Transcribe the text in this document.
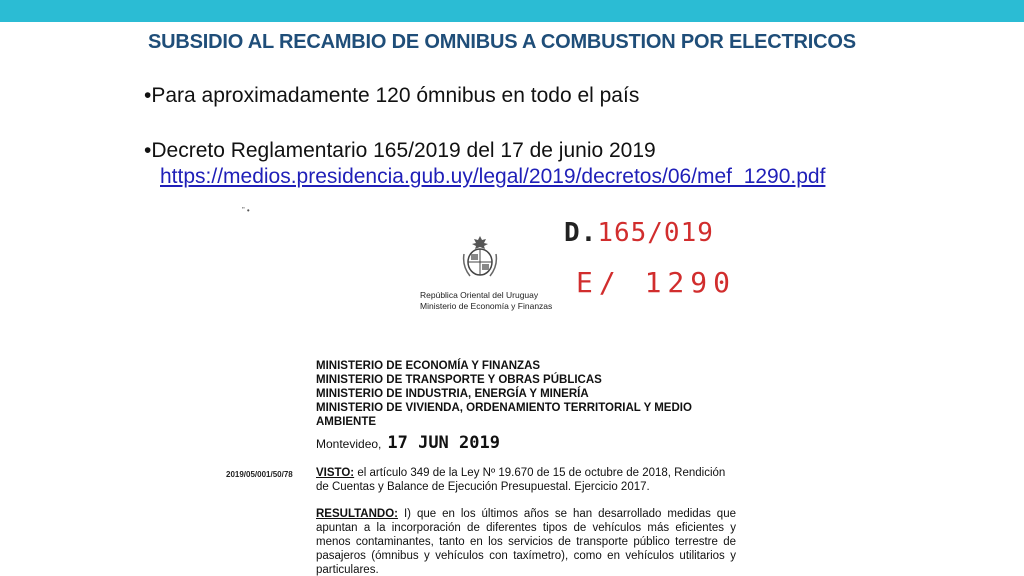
SUBSIDIO AL RECAMBIO DE OMNIBUS A COMBUSTION POR ELECTRICOS
•Para aproximadamente 120 ómnibus en todo el país
•Decreto Reglamentario 165/2019 del 17 de junio 2019
https://medios.presidencia.gub.uy/legal/2019/decretos/06/mef_1290.pdf
” •
República Oriental del Uruguay
Ministerio de Economía y Finanzas
D.165/019
E/ 1290
MINISTERIO DE ECONOMÍA Y FINANZAS
MINISTERIO DE TRANSPORTE Y OBRAS PÚBLICAS
MINISTERIO DE INDUSTRIA, ENERGÍA Y MINERÍA
MINISTERIO DE VIVIENDA, ORDENAMIENTO TERRITORIAL Y MEDIO AMBIENTE
Montevideo, 17 JUN 2019
2019/05/001/50/78 VISTO: el artículo 349 de la Ley Nº 19.670 de 15 de octubre de 2018, Rendición de Cuentas y Balance de Ejecución Presupuestal. Ejercicio 2017.
RESULTANDO: I) que en los últimos años se han desarrollado medidas que apuntan a la incorporación de diferentes tipos de vehículos más eficientes y menos contaminantes, tanto en los servicios de transporte público terrestre de pasajeros (ómnibus y vehículos con taxímetro), como en vehículos utilitarios y particulares.
